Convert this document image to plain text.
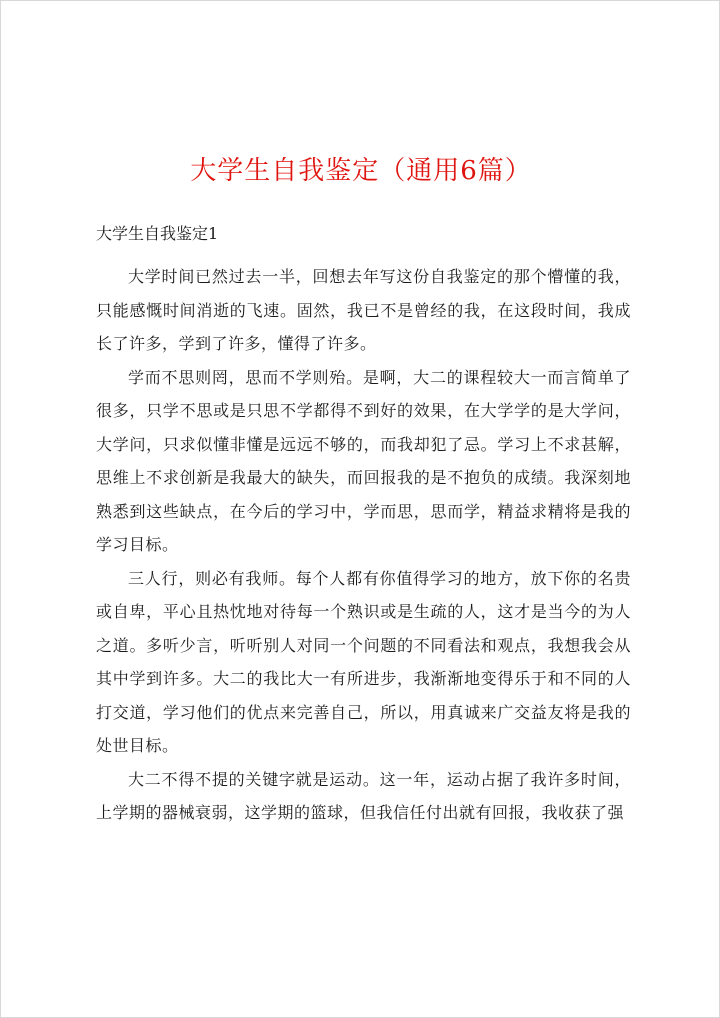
大学生自我鉴定（通用6篇）
大学生自我鉴定1

大学时间已然过去一半，回想去年写这份自我鉴定的那个懵懂的我，只能感慨时间消逝的飞速。固然，我已不是曾经的我，在这段时间，我成长了许多，学到了许多，懂得了许多。

学而不思则罔，思而不学则殆。是啊，大二的课程较大一而言简单了很多，只学不思或是只思不学都得不到好的效果，在大学学的是大学问，大学问，只求似懂非懂是远远不够的，而我却犯了忌。学习上不求甚解，思维上不求创新是我最大的缺失，而回报我的是不抱负的成绩。我深刻地熟悉到这些缺点，在今后的学习中，学而思，思而学，精益求精将是我的学习目标。

三人行，则必有我师。每个人都有你值得学习的地方，放下你的名贵或自卑，平心且热忱地对待每一个熟识或是生疏的人，这才是当今的为人之道。多听少言，听听别人对同一个问题的不同看法和观点，我想我会从其中学到许多。大二的我比大一有所进步，我渐渐地变得乐于和不同的人打交道，学习他们的优点来完善自己，所以，用真诚来广交益友将是我的处世目标。

大二不得不提的关键字就是运动。这一年，运动占据了我许多时间，上学期的器械衰弱，这学期的篮球，但我信任付出就有回报，我收获了强
